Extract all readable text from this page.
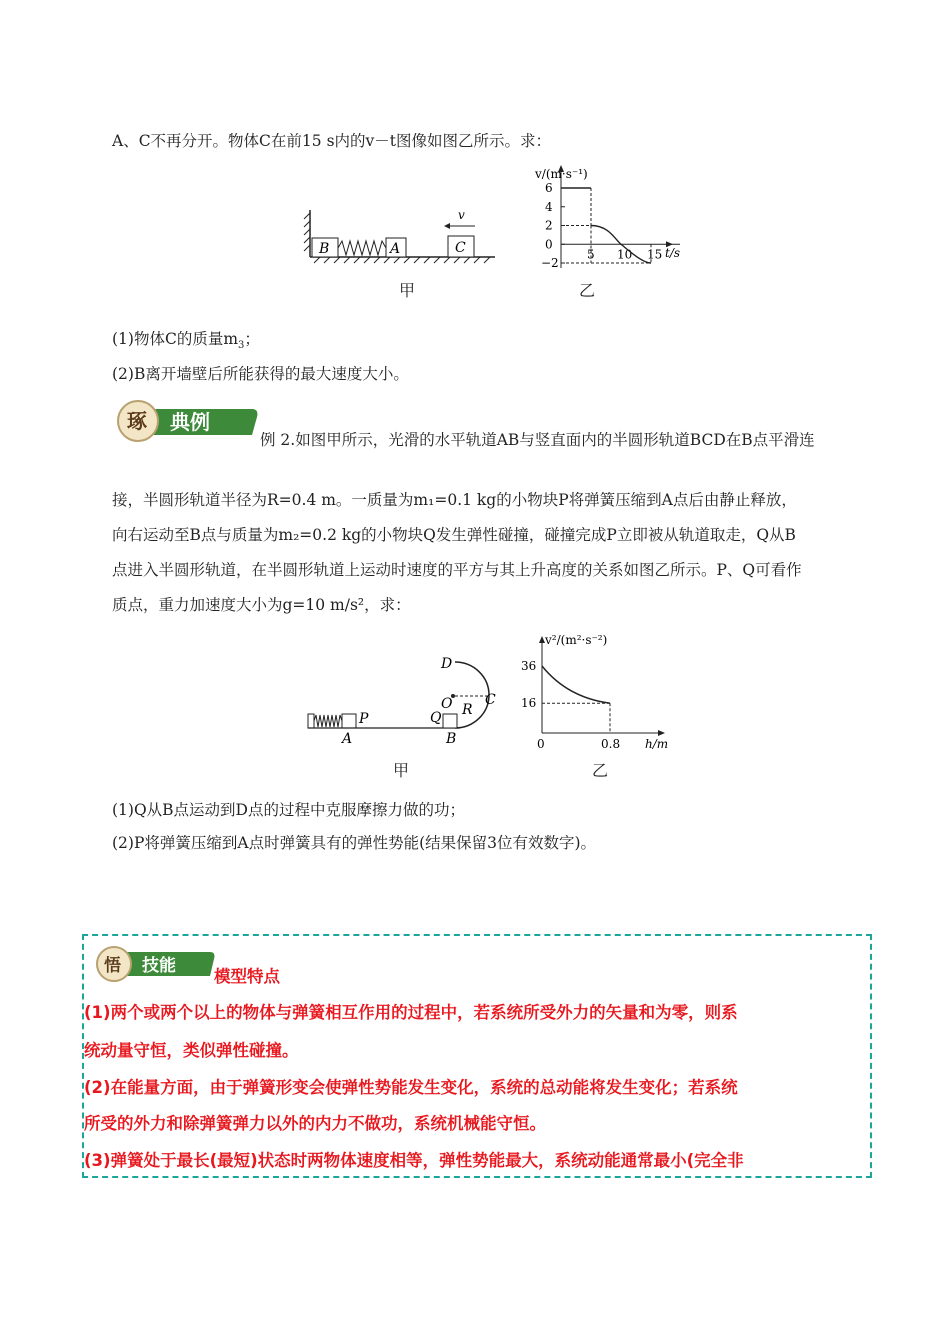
A、C不再分开。物体C在前15 s内的v－t图像如图乙所示。求：
B	A	C
v
甲
v/(m·s⁻¹)
t/s
6
4
2
0
−2
5 10 15
乙
(1)物体C的质量$m_3$；
(2)B离开墙壁后所能获得的最大速度大小。
琢 典例
例 2.如图甲所示，光滑的水平轨道AB与竖直面内的半圆形轨道BCD在B点平滑连
接，半圆形轨道半径为R=0.4 m。一质量为m₁=0.1 kg的小物块P将弹簧压缩到A点后由静止释放，
向右运动至B点与质量为m₂=0.2 kg的小物块Q发生弹性碰撞，碰撞完成P立即被从轨道取走，Q从B
点进入半圆形轨道，在半圆形轨道上运动时速度的平方与其上升高度的关系如图乙所示。P、Q可看作
质点，重力加速度大小为g=10 m/s²，求：
P	Q
O R
C
D
A	B
甲
v²/(m²·s⁻²)
h/m
36
16
0	0.8
乙
(1)Q从B点运动到D点的过程中克服摩擦力做的功；
(2)P将弹簧压缩到A点时弹簧具有的弹性势能(结果保留3位有效数字)。
悟 技能
模型特点
(1)两个或两个以上的物体与弹簧相互作用的过程中，若系统所受外力的矢量和为零，则系
统动量守恒，类似弹性碰撞。
(2)在能量方面，由于弹簧形变会使弹性势能发生变化，系统的总动能将发生变化；若系统
所受的外力和除弹簧弹力以外的内力不做功，系统机械能守恒。
(3)弹簧处于最长(最短)状态时两物体速度相等，弹性势能最大，系统动能通常最小(完全非
